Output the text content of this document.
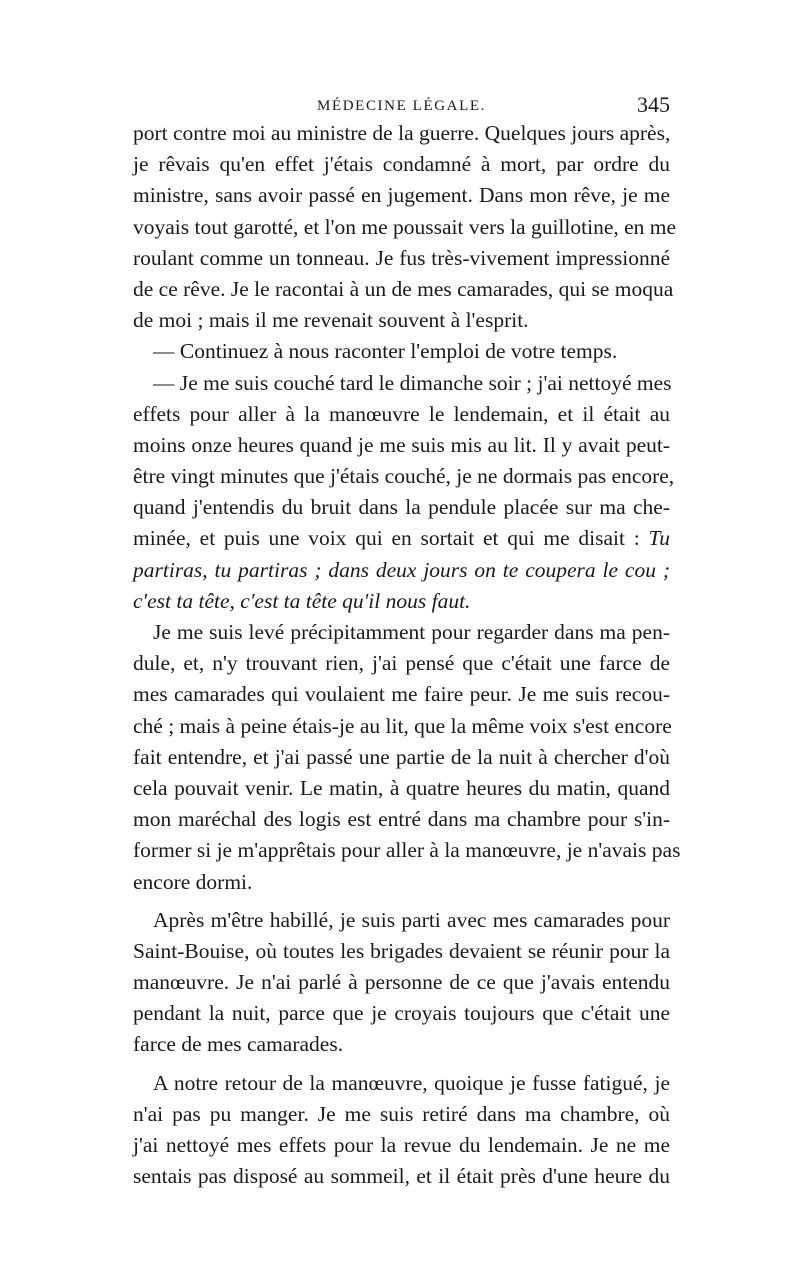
MÉDECINE LÉGALE.	345
port contre moi au ministre de la guerre. Quelques jours après,
je rêvais qu'en effet j'étais condamné à mort, par ordre du
ministre, sans avoir passé en jugement. Dans mon rêve, je me
voyais tout garotté, et l'on me poussait vers la guillotine, en me
roulant comme un tonneau. Je fus très-vivement impressionné
de ce rêve. Je le racontai à un de mes camarades, qui se moqua
de moi ; mais il me revenait souvent à l'esprit.
— Continuez à nous raconter l'emploi de votre temps.
— Je me suis couché tard le dimanche soir ; j'ai nettoyé mes
effets pour aller à la manœuvre le lendemain, et il était au
moins onze heures quand je me suis mis au lit. Il y avait peut-
être vingt minutes que j'étais couché, je ne dormais pas encore,
quand j'entendis du bruit dans la pendule placée sur ma che-
minée, et puis une voix qui en sortait et qui me disait : Tu
partiras, tu partiras ; dans deux jours on te coupera le cou ;
c'est ta tête, c'est ta tête qu'il nous faut.
Je me suis levé précipitamment pour regarder dans ma pen-
dule, et, n'y trouvant rien, j'ai pensé que c'était une farce de
mes camarades qui voulaient me faire peur. Je me suis recou-
ché ; mais à peine étais-je au lit, que la même voix s'est encore
fait entendre, et j'ai passé une partie de la nuit à chercher d'où
cela pouvait venir. Le matin, à quatre heures du matin, quand
mon maréchal des logis est entré dans ma chambre pour s'in-
former si je m'apprêtais pour aller à la manœuvre, je n'avais pas
encore dormi.
Après m'être habillé, je suis parti avec mes camarades pour
Saint-Bouise, où toutes les brigades devaient se réunir pour la
manœuvre. Je n'ai parlé à personne de ce que j'avais entendu
pendant la nuit, parce que je croyais toujours que c'était une
farce de mes camarades.
A notre retour de la manœuvre, quoique je fusse fatigué, je
n'ai pas pu manger. Je me suis retiré dans ma chambre, où
j'ai nettoyé mes effets pour la revue du lendemain. Je ne me
sentais pas disposé au sommeil, et il était près d'une heure du
